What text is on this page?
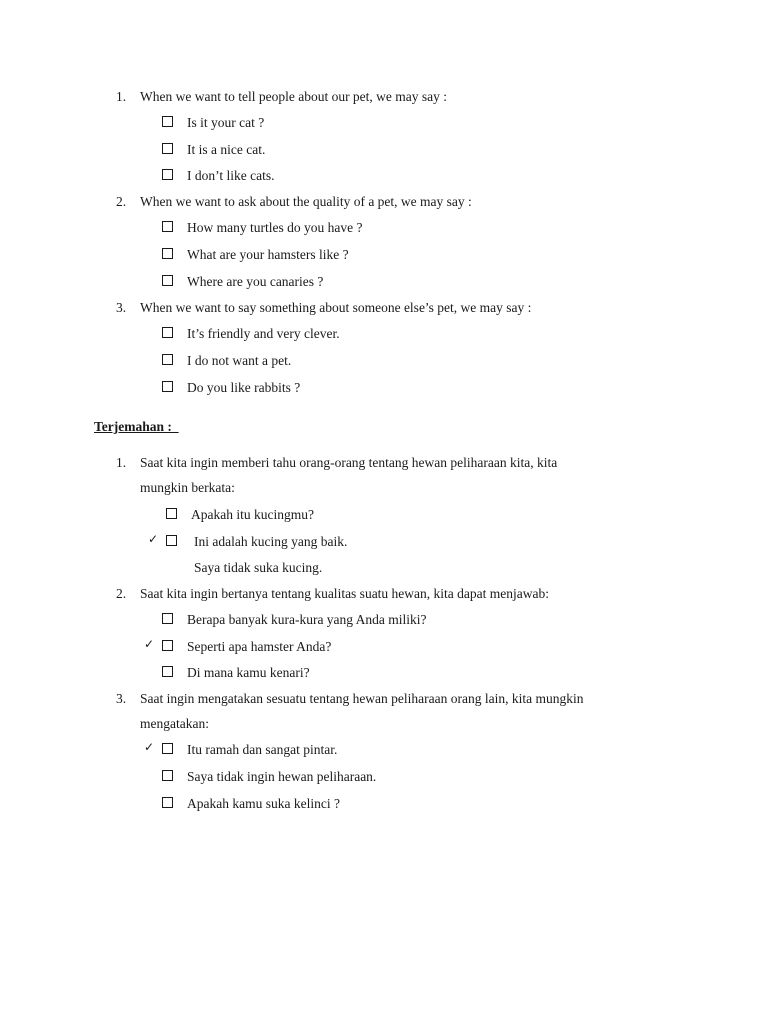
1. When we want to tell people about our pet, we may say :
Is it your cat ?
It is a nice cat.
I don’t like cats.
2. When we want to ask about the quality of a pet, we may say :
How many turtles do you have ?
What are your hamsters like ?
Where are you canaries ?
3. When we want to say something about someone else’s pet, we may say :
It’s friendly and very clever.
I do not want a pet.
Do you like rabbits ?
Terjemahan :
1. Saat kita ingin memberi tahu orang-orang tentang hewan peliharaan kita, kita
mungkin berkata:
Apakah itu kucingmu?
✓	Ini adalah kucing yang baik.
Saya tidak suka kucing.
2. Saat kita ingin bertanya tentang kualitas suatu hewan, kita dapat menjawab:
Berapa banyak kura-kura yang Anda miliki?
✓	Seperti apa hamster Anda?
Di mana kamu kenari?
3. Saat ingin mengatakan sesuatu tentang hewan peliharaan orang lain, kita mungkin
mengatakan:
✓	Itu ramah dan sangat pintar.
Saya tidak ingin hewan peliharaan.
Apakah kamu suka kelinci ?
